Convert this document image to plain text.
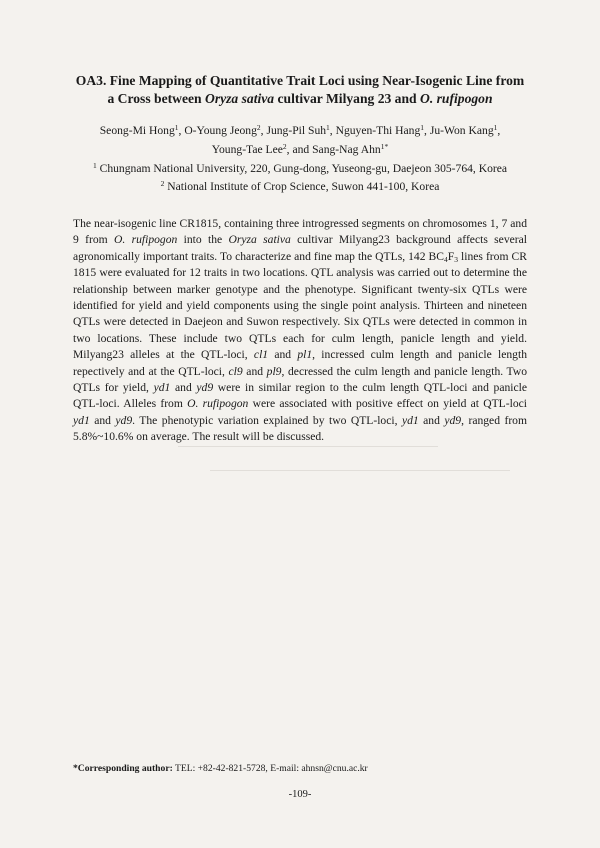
OA3. Fine Mapping of Quantitative Trait Loci using Near-Isogenic Line from
a Cross between Oryza sativa cultivar Milyang 23 and O. rufipogon
Seong-Mi Hong$^1$, O-Young Jeong$^2$, Jung-Pil Suh$^1$, Nguyen-Thi Hang$^1$, Ju-Won Kang$^1$,
Young-Tae Lee$^2$, and Sang-Nag Ahn$^{1*}$
$^1$ Chungnam National University, 220, Gung-dong, Yuseong-gu, Daejeon 305-764, Korea
$^2$ National Institute of Crop Science, Suwon 441-100, Korea
The near-isogenic line CR1815, containing three introgressed segments on chromosomes 1, 7 and 9 from O. rufipogon into the Oryza sativa cultivar Milyang23 background affects several agronomically important traits. To characterize and fine map the QTLs, 142 $BC_4F_3$ lines from CR 1815 were evaluated for 12 traits in two locations. QTL analysis was carried out to determine the relationship between marker genotype and the phenotype. Significant twenty-six QTLs were identified for yield and yield components using the single point analysis. Thirteen and nineteen QTLs were detected in Daejeon and Suwon respectively. Six QTLs were detected in common in two locations. These include two QTLs each for culm length, panicle length and yield. Milyang23 alleles at the QTL-loci, cl1 and pl1, incressed culm length and panicle length repectively and at the QTL-loci, cl9 and pl9, decressed the culm length and panicle length. Two QTLs for yield, yd1 and yd9 were in similar region to the culm length QTL-loci and panicle QTL-loci. Alleles from O. rufipogon were associated with positive effect on yield at QTL-loci yd1 and yd9. The phenotypic variation explained by two QTL-loci, yd1 and yd9, ranged from 5.8%~10.6% on average. The result will be discussed.
*Corresponding author: TEL: +82-42-821-5728, E-mail: ahnsn@cnu.ac.kr
-109-
